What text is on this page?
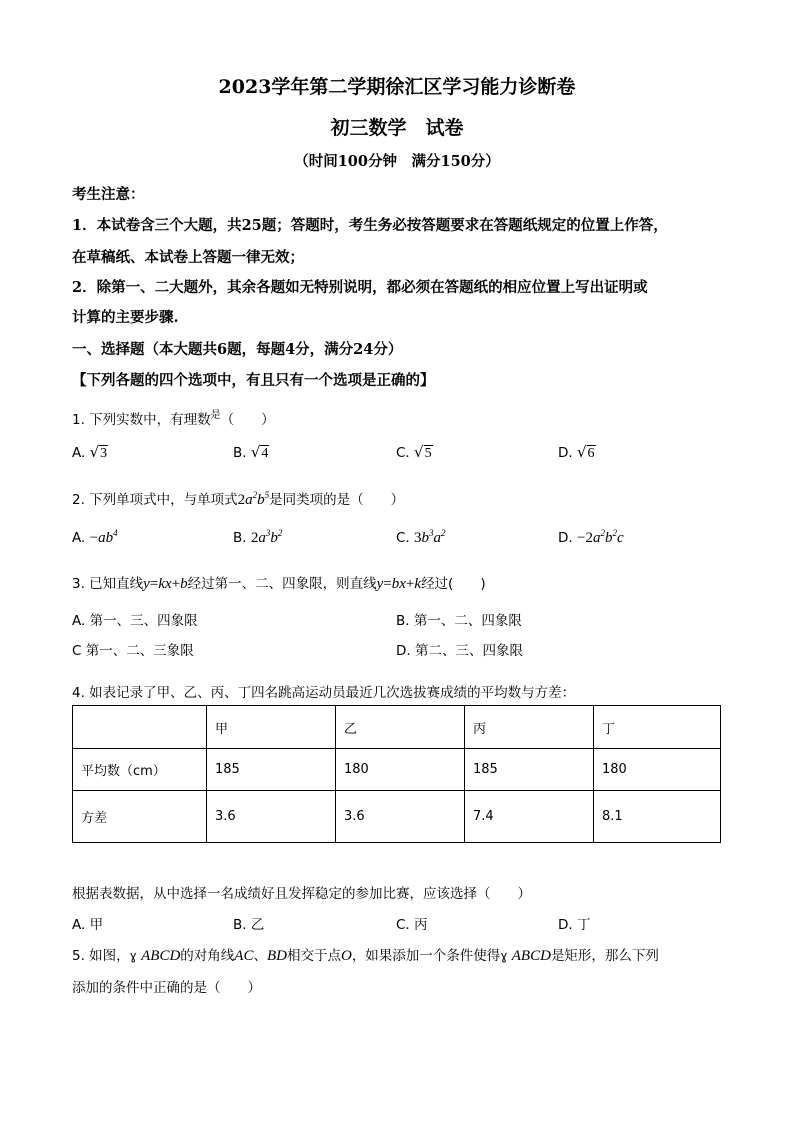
2023学年第二学期徐汇区学习能力诊断卷
初三数学　试卷
（时间100分钟　满分150分）
考生注意：
1．本试卷含三个大题，共25题；答题时，考生务必按答题要求在答题纸规定的位置上作答，
在草稿纸、本试卷上答题一律无效；
2．除第一、二大题外，其余各题如无特别说明，都必须在答题纸的相应位置上写出证明或
计算的主要步骤.
一、选择题（本大题共6题，每题4分，满分24分）
【下列各题的四个选项中，有且只有一个选项是正确的】
1. 下列实数中，有理数$^是$（　　）
A. √3	B. √4	C. √5	D. √6
2. 下列单项式中，与单项式$2a^2b^5$是同类项的是（　　）
A. $-ab^4$	B. $2a^3b^2$	C. $3b^3a^2$	D. $-2a^2b^2c$
3. 已知直线y=kx+b经过第一、二、四象限，则直线y=bx+k经过(　　)
A. 第一、三、四象限	B. 第一、二、四象限
C 第一、二、三象限	D. 第二、三、四象限
4. 如表记录了甲、乙、丙、丁四名跳高运动员最近几次选拔赛成绩的平均数与方差：
	甲	乙	丙	丁
平均数（cm）	185	180	185	180
方差	3.6	3.6	7.4	8.1
根据表数据，从中选择一名成绩好且发挥稳定的参加比赛，应该选择（　　）
A. 甲	B. 乙	C. 丙	D. 丁
5. 如图，ɣ ABCD的对角线AC、BD相交于点O，如果添加一个条件使得ɣ ABCD是矩形，那么下列
添加的条件中正确的是（　　）
